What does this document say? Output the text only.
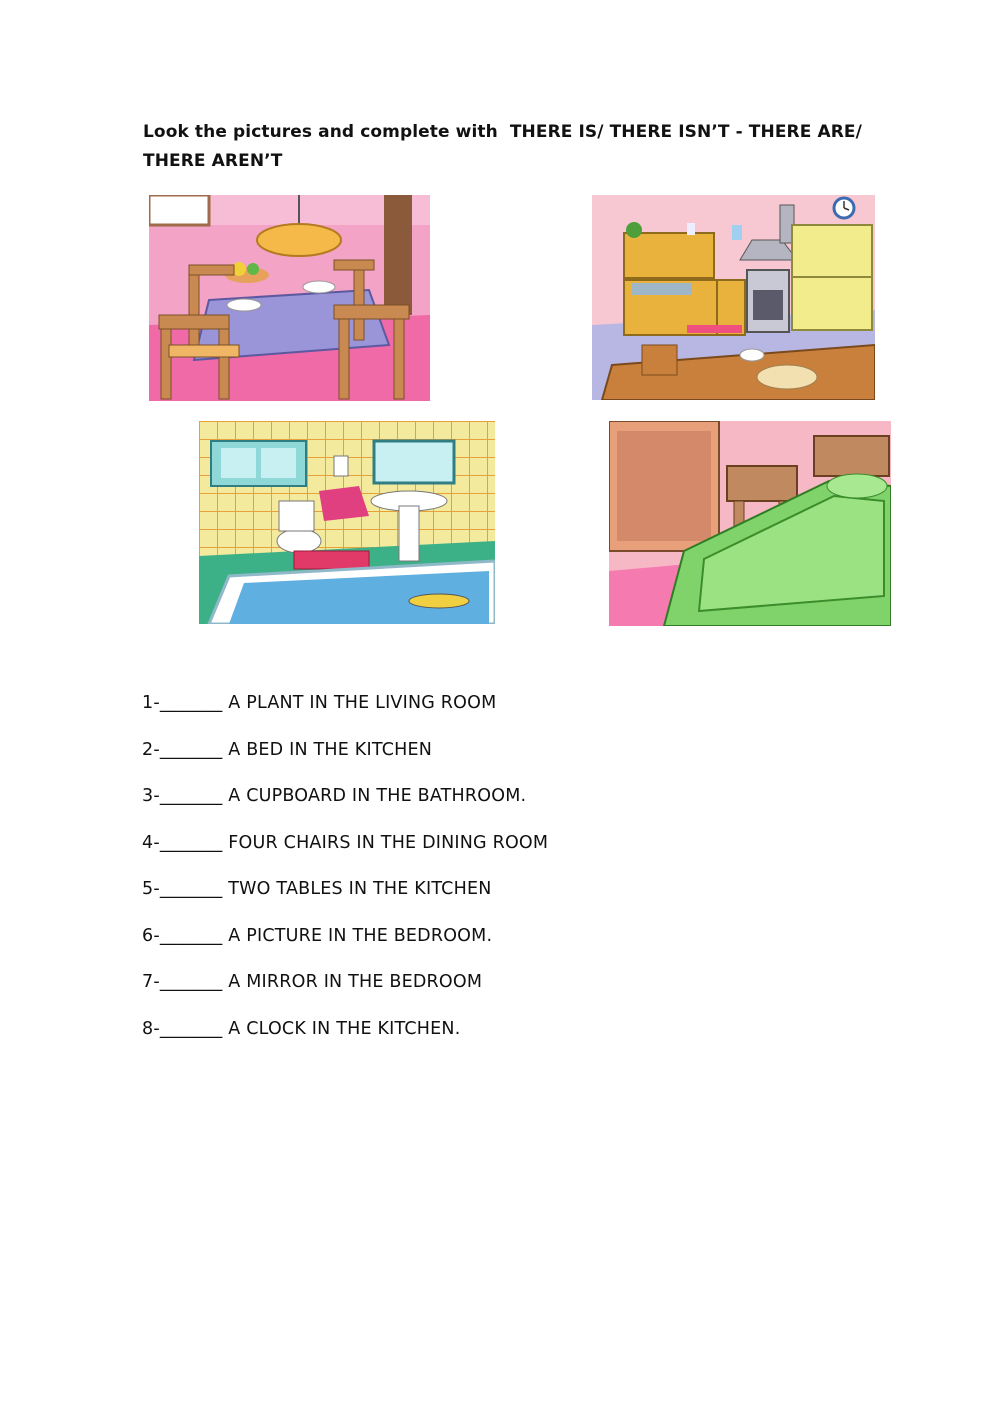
Look the pictures and complete with THERE IS/ THERE ISN’T - THERE ARE/
THERE AREN’T
1-_______ A PLANT IN THE LIVING ROOM
2-_______ A BED IN THE KITCHEN
3-_______ A CUPBOARD IN THE BATHROOM.
4-_______ FOUR CHAIRS IN THE DINING ROOM
5-_______ TWO TABLES IN THE KITCHEN
6-_______ A PICTURE IN THE BEDROOM.
7-_______ A MIRROR IN THE BEDROOM
8-_______ A CLOCK IN THE KITCHEN.
